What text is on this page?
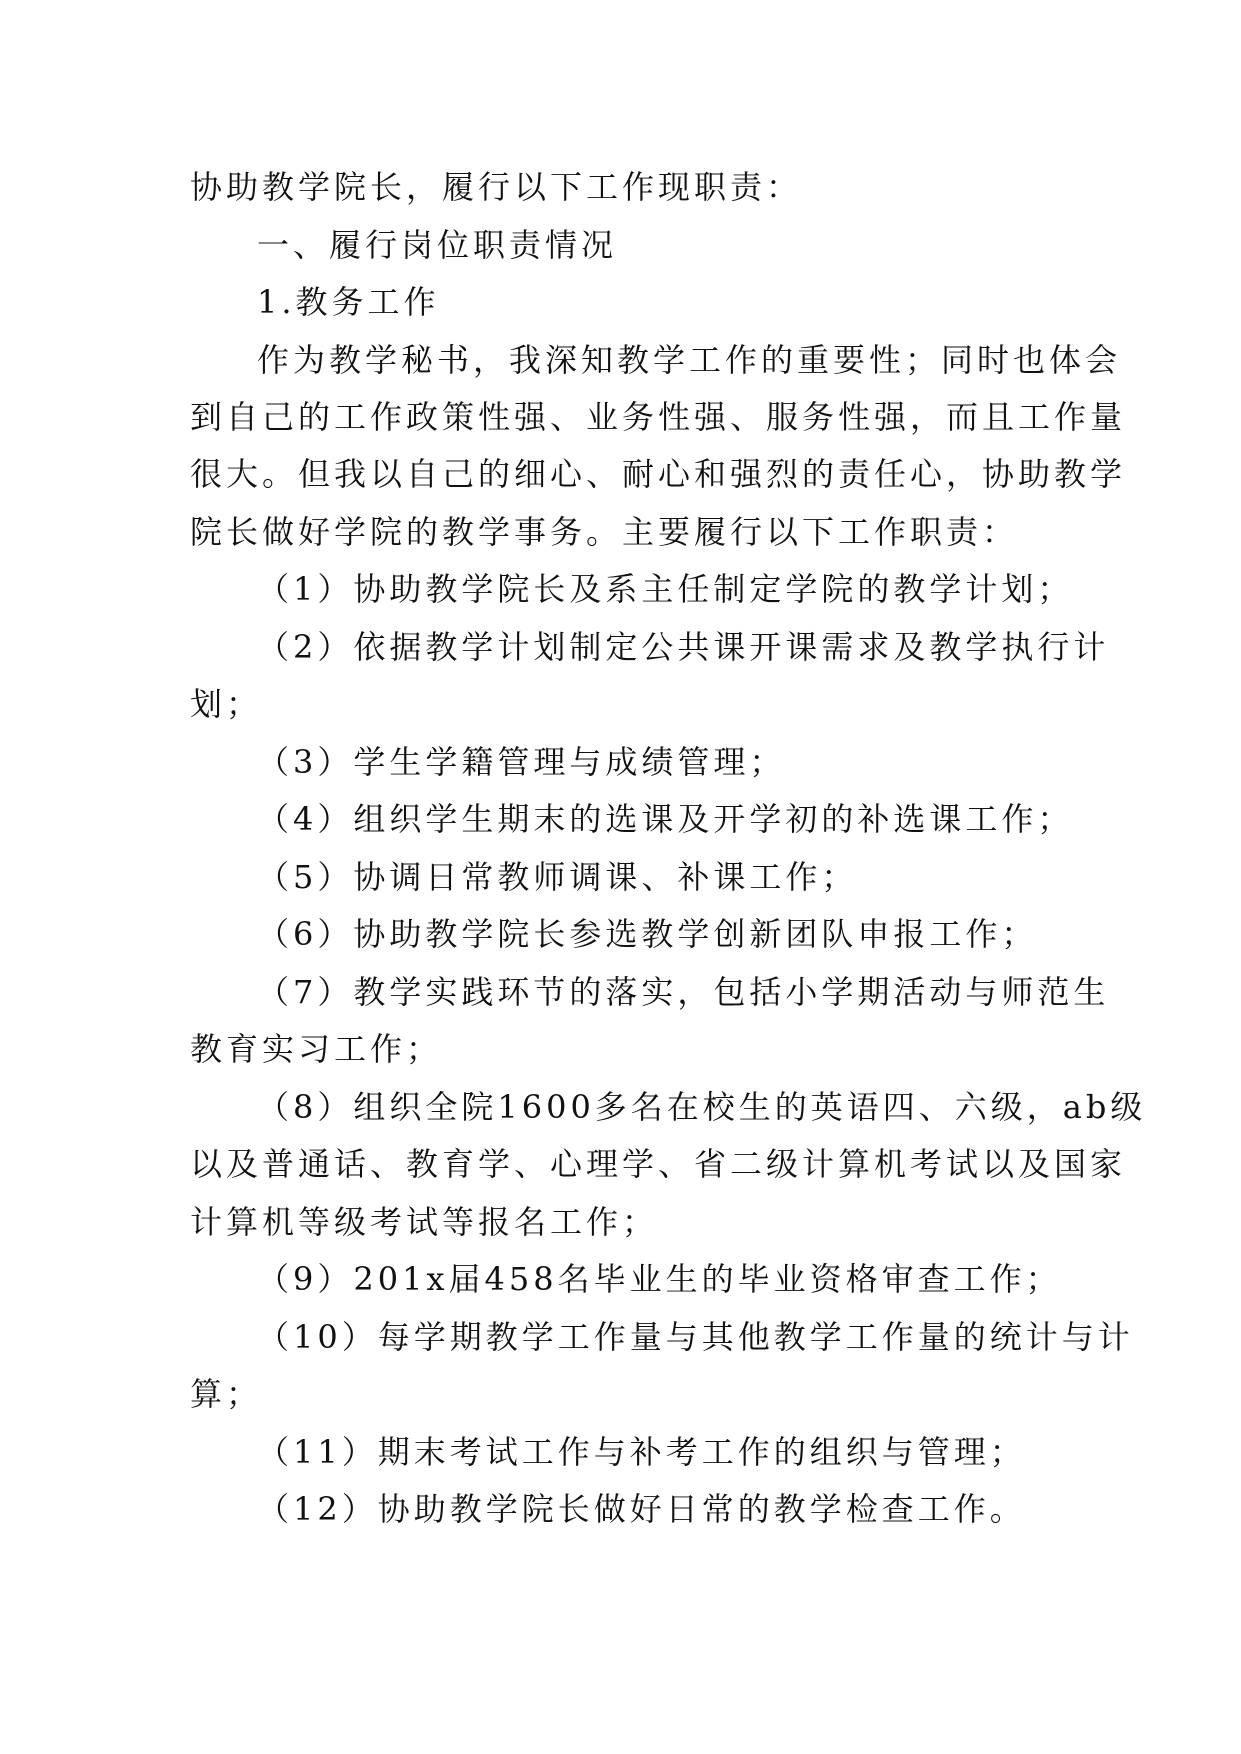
协助教学院长，履行以下工作现职责：
一、履行岗位职责情况
1.教务工作
作为教学秘书，我深知教学工作的重要性；同时也体会
到自己的工作政策性强、业务性强、服务性强，而且工作量
很大。但我以自己的细心、耐心和强烈的责任心，协助教学
院长做好学院的教学事务。主要履行以下工作职责：
（1）协助教学院长及系主任制定学院的教学计划；
（2）依据教学计划制定公共课开课需求及教学执行计
划；
（3）学生学籍管理与成绩管理；
（4）组织学生期末的选课及开学初的补选课工作；
（5）协调日常教师调课、补课工作；
（6）协助教学院长参选教学创新团队申报工作；
（7）教学实践环节的落实，包括小学期活动与师范生
教育实习工作；
（8）组织全院1600多名在校生的英语四、六级，ab级
以及普通话、教育学、心理学、省二级计算机考试以及国家
计算机等级考试等报名工作；
（9）201x届458名毕业生的毕业资格审查工作；
（10）每学期教学工作量与其他教学工作量的统计与计
算；
（11）期末考试工作与补考工作的组织与管理；
（12）协助教学院长做好日常的教学检查工作。
